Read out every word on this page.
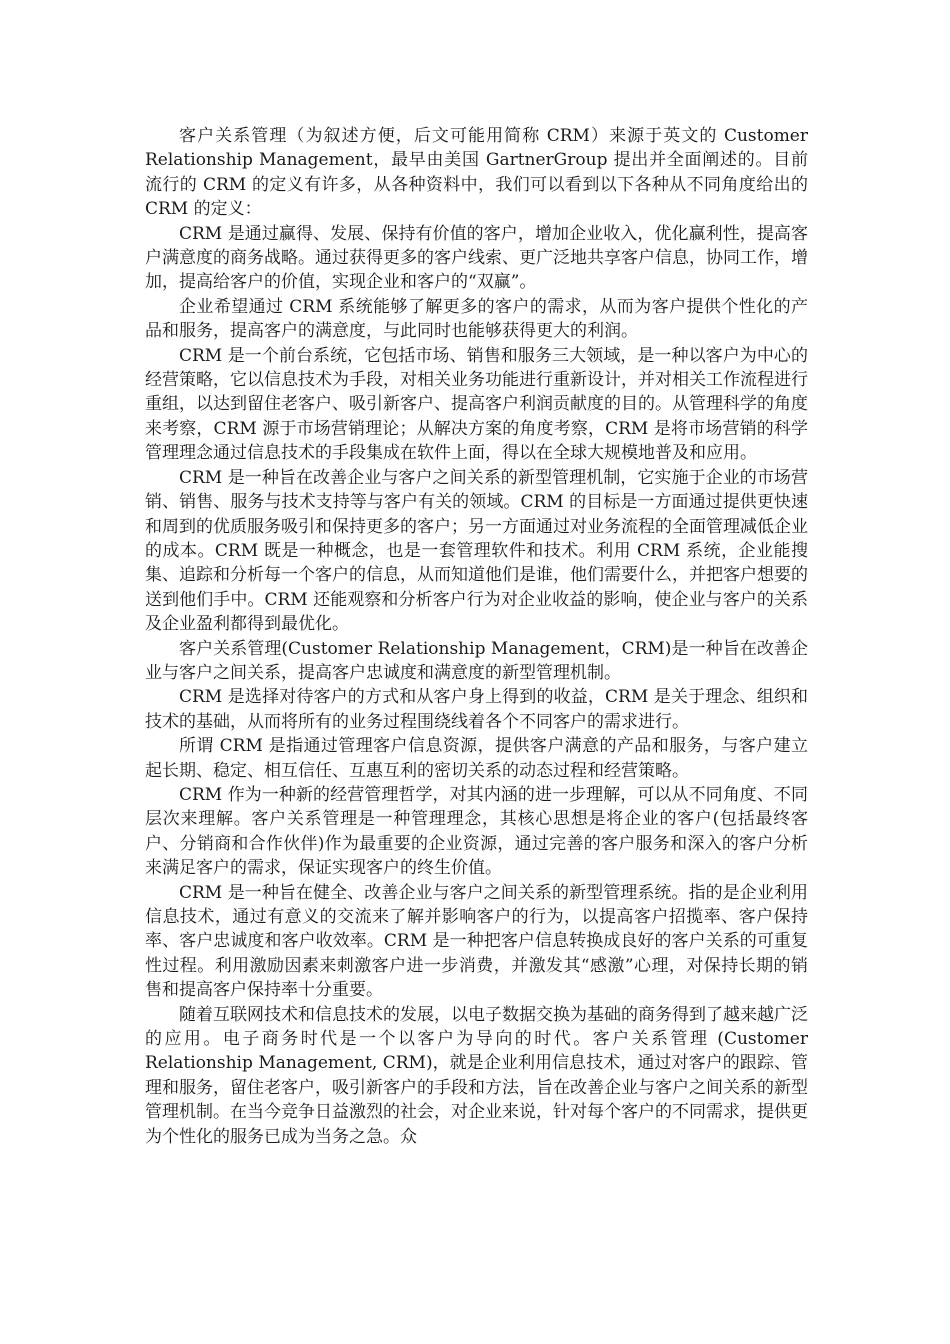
客户关系管理（为叙述方便，后文可能用简称 CRM）来源于英文的 Customer Relationship Management，最早由美国 GartnerGroup 提出并全面阐述的。目前流行的 CRM 的定义有许多，从各种资料中，我们可以看到以下各种从不同角度给出的 CRM 的定义：

CRM 是通过赢得、发展、保持有价值的客户，增加企业收入，优化赢利性，提高客户满意度的商务战略。通过获得更多的客户线索、更广泛地共享客户信息，协同工作，增加，提高给客户的价值，实现企业和客户的“双赢”。

企业希望通过 CRM 系统能够了解更多的客户的需求，从而为客户提供个性化的产品和服务，提高客户的满意度，与此同时也能够获得更大的利润。

CRM 是一个前台系统，它包括市场、销售和服务三大领域，是一种以客户为中心的经营策略，它以信息技术为手段，对相关业务功能进行重新设计，并对相关工作流程进行重组，以达到留住老客户、吸引新客户、提高客户利润贡献度的目的。从管理科学的角度来考察，CRM 源于市场营销理论；从解决方案的角度考察，CRM 是将市场营销的科学管理理念通过信息技术的手段集成在软件上面，得以在全球大规模地普及和应用。

CRM 是一种旨在改善企业与客户之间关系的新型管理机制，它实施于企业的市场营销、销售、服务与技术支持等与客户有关的领域。CRM 的目标是一方面通过提供更快速和周到的优质服务吸引和保持更多的客户；另一方面通过对业务流程的全面管理减低企业的成本。CRM 既是一种概念，也是一套管理软件和技术。利用 CRM 系统，企业能搜集、追踪和分析每一个客户的信息，从而知道他们是谁，他们需要什么，并把客户想要的送到他们手中。CRM 还能观察和分析客户行为对企业收益的影响，使企业与客户的关系及企业盈利都得到最优化。

客户关系管理(Customer Relationship Management，CRM)是一种旨在改善企业与客户之间关系，提高客户忠诚度和满意度的新型管理机制。

CRM 是选择对待客户的方式和从客户身上得到的收益，CRM 是关于理念、组织和技术的基础，从而将所有的业务过程围绕线着各个不同客户的需求进行。

所谓 CRM 是指通过管理客户信息资源，提供客户满意的产品和服务，与客户建立起长期、稳定、相互信任、互惠互利的密切关系的动态过程和经营策略。

CRM 作为一种新的经营管理哲学，对其内涵的进一步理解，可以从不同角度、不同层次来理解。客户关系管理是一种管理理念，其核心思想是将企业的客户(包括最终客户、分销商和合作伙伴)作为最重要的企业资源，通过完善的客户服务和深入的客户分析来满足客户的需求，保证实现客户的终生价值。

CRM 是一种旨在健全、改善企业与客户之间关系的新型管理系统。指的是企业利用信息技术，通过有意义的交流来了解并影响客户的行为，以提高客户招揽率、客户保持率、客户忠诚度和客户收效率。CRM 是一种把客户信息转换成良好的客户关系的可重复性过程。利用激励因素来刺激客户进一步消费，并激发其“感激”心理，对保持长期的销售和提高客户保持率十分重要。

随着互联网技术和信息技术的发展，以电子数据交换为基础的商务得到了越来越广泛的应用。电子商务时代是一个以客户为导向的时代。客户关系管理 (Customer Relationship Management, CRM)，就是企业利用信息技术，通过对客户的跟踪、管理和服务，留住老客户，吸引新客户的手段和方法，旨在改善企业与客户之间关系的新型管理机制。在当今竞争日益激烈的社会，对企业来说，针对每个客户的不同需求，提供更为个性化的服务已成为当务之急。众
